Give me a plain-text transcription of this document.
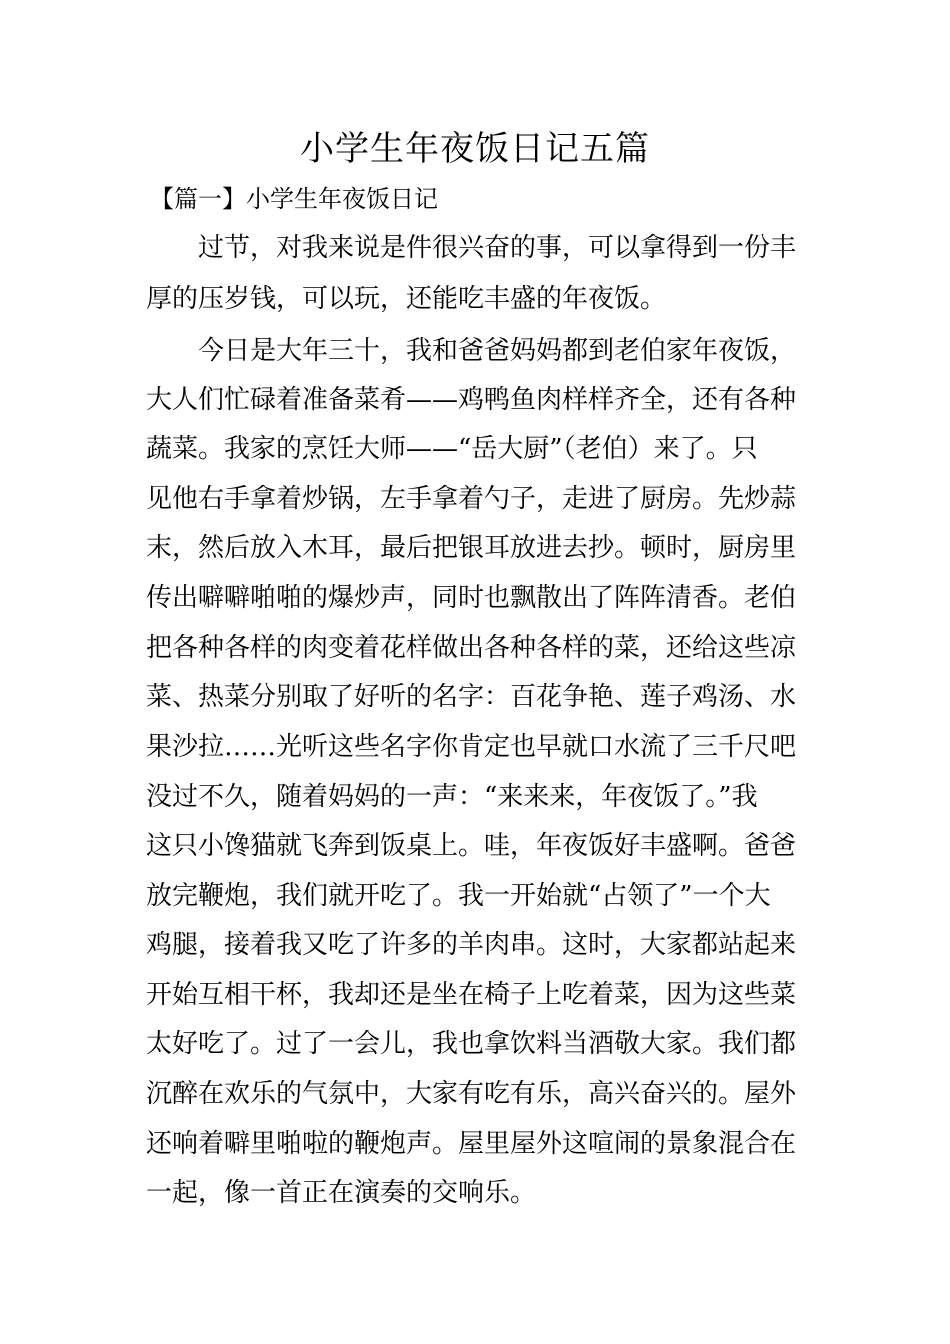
小学生年夜饭日记五篇

【篇一】小学生年夜饭日记

过节，对我来说是件很兴奋的事，可以拿得到一份丰

厚的压岁钱，可以玩，还能吃丰盛的年夜饭。

今日是大年三十，我和爸爸妈妈都到老伯家年夜饭，

大人们忙碌着准备菜肴——鸡鸭鱼肉样样齐全，还有各种

蔬菜。我家的烹饪大师——“岳大厨”（老伯）来了。只

见他右手拿着炒锅，左手拿着勺子，走进了厨房。先炒蒜

末，然后放入木耳，最后把银耳放进去抄。顿时，厨房里

传出噼噼啪啪的爆炒声，同时也飘散出了阵阵清香。老伯

把各种各样的肉变着花样做出各种各样的菜，还给这些凉

菜、热菜分别取了好听的名字：百花争艳、莲子鸡汤、水

果沙拉……光听这些名字你肯定也早就口水流了三千尺吧

没过不久，随着妈妈的一声：“来来来，年夜饭了。”我

这只小馋猫就飞奔到饭桌上。哇，年夜饭好丰盛啊。爸爸

放完鞭炮，我们就开吃了。我一开始就“占领了”一个大

鸡腿，接着我又吃了许多的羊肉串。这时，大家都站起来

开始互相干杯，我却还是坐在椅子上吃着菜，因为这些菜

太好吃了。过了一会儿，我也拿饮料当酒敬大家。我们都

沉醉在欢乐的气氛中，大家有吃有乐，高兴奋兴的。屋外

还响着噼里啪啦的鞭炮声。屋里屋外这喧闹的景象混合在

一起，像一首正在演奏的交响乐。
